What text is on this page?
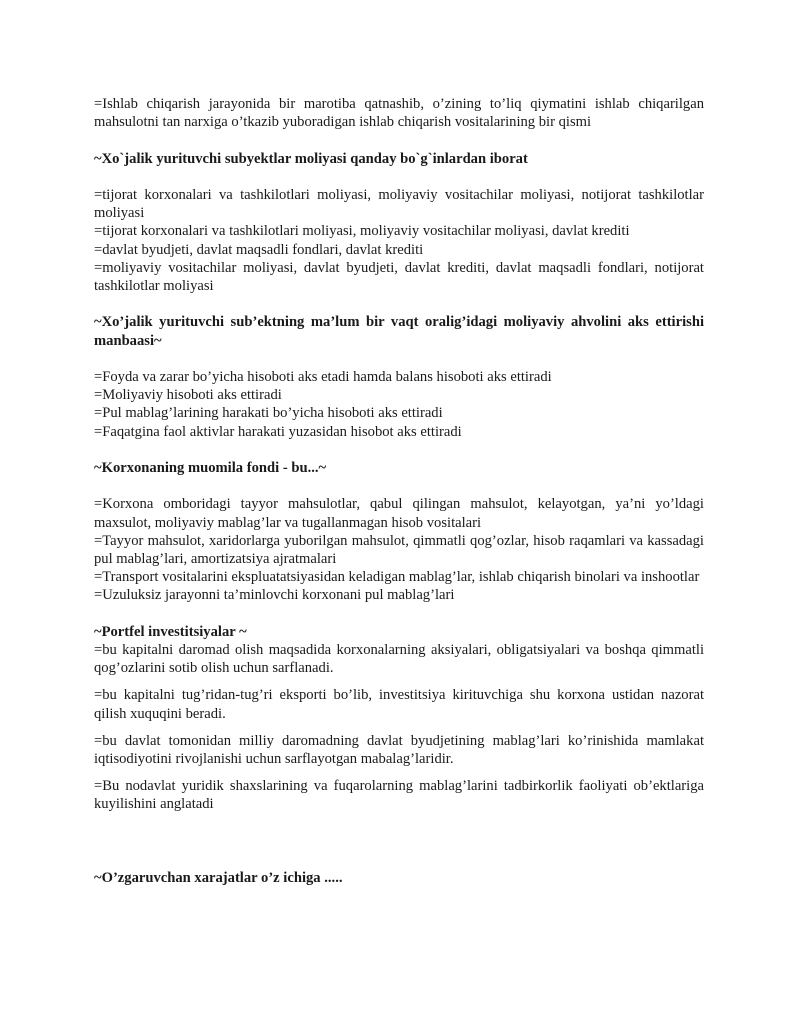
=Ishlab chiqarish jarayonida bir marotiba qatnashib, o’zining to’liq qiymatini ishlab chiqarilgan mahsulotni tan narxiga o’tkazib yuboradigan ishlab chiqarish vositalarining bir qismi

~Xo`jalik yurituvchi subyektlar moliyasi qanday bo`g`inlardan iborat

=tijorat korxonalari va tashkilotlari moliyasi, moliyaviy vositachilar moliyasi, notijorat tashkilotlar moliyasi

=tijorat korxonalari va tashkilotlari moliyasi, moliyaviy vositachilar moliyasi, davlat krediti

=davlat byudjeti, davlat maqsadli fondlari, davlat krediti

=moliyaviy vositachilar moliyasi, davlat byudjeti, davlat krediti, davlat maqsadli fondlari, notijorat tashkilotlar moliyasi

~Xo’jalik yurituvchi sub’ektning ma’lum bir vaqt oralig’idagi moliyaviy ahvolini aks ettirishi manbaasi~

=Foyda va zarar bo’yicha hisoboti aks etadi hamda balans hisoboti aks ettiradi

=Moliyaviy hisoboti aks ettiradi

=Pul mablag’larining harakati bo’yicha hisoboti aks ettiradi

=Faqatgina faol aktivlar harakati yuzasidan hisobot aks ettiradi

~Korxonaning muomila fondi - bu...~

=Korxona omboridagi tayyor mahsulotlar, qabul qilingan mahsulot, kelayotgan, ya’ni yo’ldagi maxsulot, moliyaviy mablag’lar va tugallanmagan hisob vositalari

=Tayyor mahsulot, xaridorlarga yuborilgan mahsulot, qimmatli qog’ozlar, hisob raqamlari va kassadagi pul mablag’lari, amortizatsiya ajratmalari

=Transport vositalarini ekspluatatsiyasidan keladigan mablag’lar, ishlab chiqarish binolari va inshootlar

=Uzuluksiz jarayonni ta’minlovchi korxonani pul mablag’lari

~Portfel investitsiyalar ~

=bu kapitalni daromad olish maqsadida korxonalarning aksiyalari, obligatsiyalari va boshqa qimmatli qog’ozlarini sotib olish uchun sarflanadi.

=bu kapitalni tug’ridan-tug’ri eksporti bo’lib, investitsiya kirituvchiga shu korxona ustidan nazorat qilish xuquqini beradi.

=bu davlat tomonidan milliy daromadning davlat byudjetining mablag’lari ko’rinishida mamlakat iqtisodiyotini rivojlanishi uchun sarflayotgan mabalag’laridir.

=Bu nodavlat yuridik shaxslarining va fuqarolarning mablag’larini tadbirkorlik faoliyati ob’ektlariga kuyilishini anglatadi

~O’zgaruvchan xarajatlar o’z ichiga .....
